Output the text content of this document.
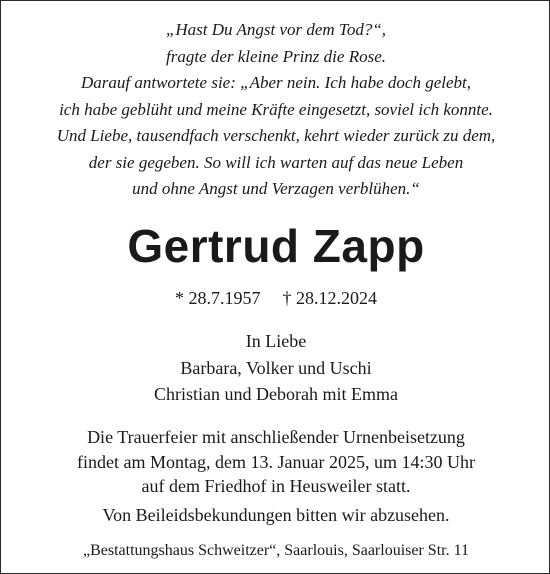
„Hast Du Angst vor dem Tod?“,
fragte der kleine Prinz die Rose.
Darauf antwortete sie: „Aber nein. Ich habe doch gelebt,
ich habe geblüht und meine Kräfte eingesetzt, soviel ich konnte.
Und Liebe, tausendfach verschenkt, kehrt wieder zurück zu dem,
der sie gegeben. So will ich warten auf das neue Leben
und ohne Angst und Verzagen verblühen.“
Gertrud Zapp
* 28.7.1957 † 28.12.2024
In Liebe
Barbara, Volker und Uschi
Christian und Deborah mit Emma
Die Trauerfeier mit anschließender Urnenbeisetzung
findet am Montag, dem 13. Januar 2025, um 14:30 Uhr
auf dem Friedhof in Heusweiler statt.
Von Beileidsbekundungen bitten wir abzusehen.
„Bestattungshaus Schweitzer“, Saarlouis, Saarlouiser Str. 11
